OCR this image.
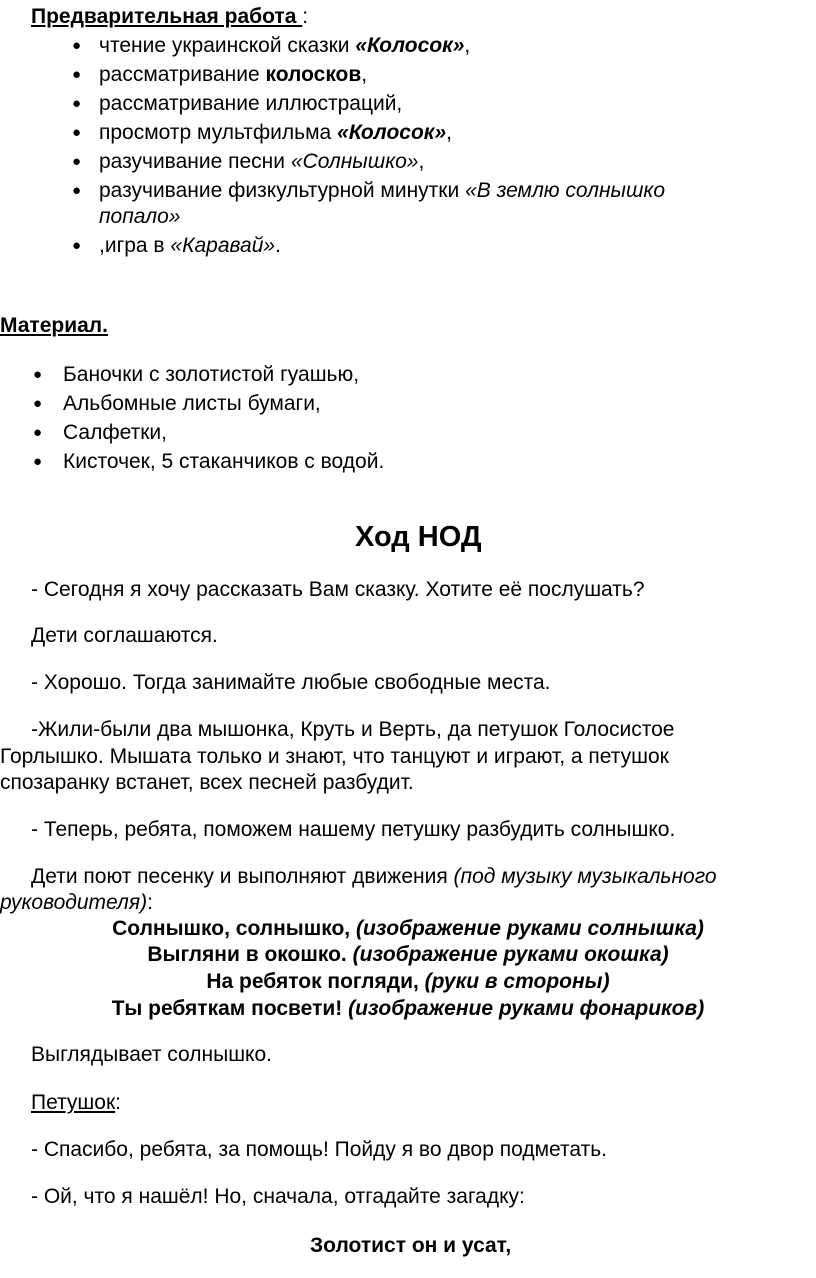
Предварительная работа :
● чтение украинской сказки «Колосок»,
● рассматривание колосков,
● рассматривание иллюстраций,
● просмотр мультфильма «Колосок»,
● разучивание песни «Солнышко»,
● разучивание физкультурной минутки «В землю солнышко
попало»
● ,игра в «Каравай».
Материал.
● Баночки с золотистой гуашью,
● Альбомные листы бумаги,
● Салфетки,
● Кисточек, 5 стаканчиков с водой.
Ход НОД
- Сегодня я хочу рассказать Вам сказку. Хотите её послушать?
Дети соглашаются.
- Хорошо. Тогда занимайте любые свободные места.
-Жили-были два мышонка, Круть и Верть, да петушок Голосистое
Горлышко. Мышата только и знают, что танцуют и играют, а петушок
спозаранку встанет, всех песней разбудит.
- Теперь, ребята, поможем нашему петушку разбудить солнышко.
Дети поют песенку и выполняют движения (под музыку музыкального
руководителя):
Солнышко, солнышко, (изображение руками солнышка)
Выгляни в окошко. (изображение руками окошка)
На ребяток погляди, (руки в стороны)
Ты ребяткам посвети! (изображение руками фонариков)
Выглядывает солнышко.
Петушок:
- Спасибо, ребята, за помощь! Пойду я во двор подметать.
- Ой, что я нашёл! Но, сначала, отгадайте загадку:
Золотист он и усат,
